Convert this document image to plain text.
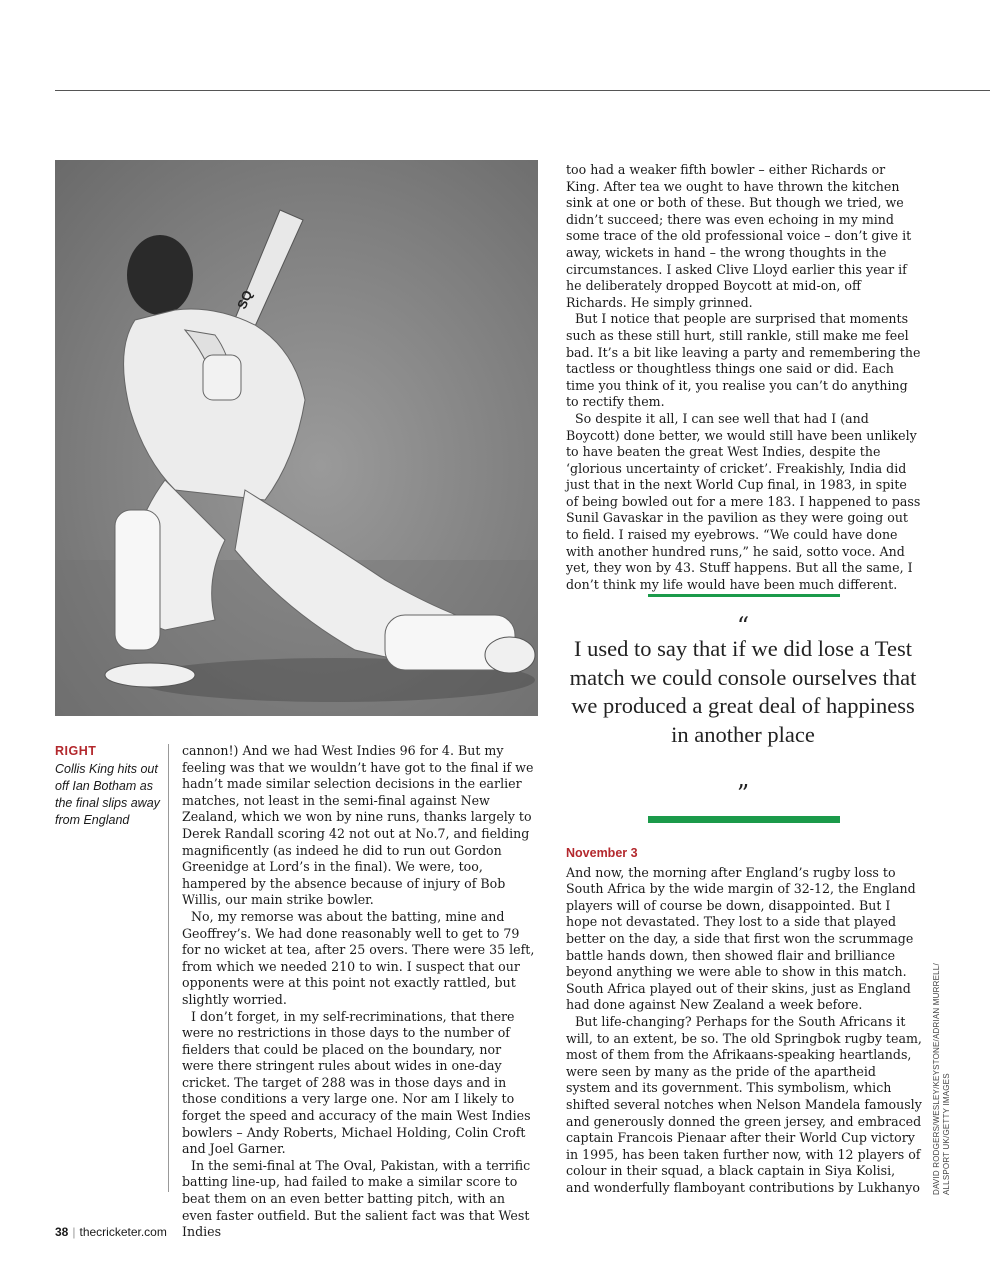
SQ
RIGHT
Collis King hits out off Ian Botham as the final slips away from England

cannon!) And we had West Indies 96 for 4. But my feeling was that we wouldn’t have got to the final if we hadn’t made similar selection decisions in the earlier matches, not least in the semi-final against New Zealand, which we won by nine runs, thanks largely to Derek Randall scoring 42 not out at No.7, and fielding magnificently (as indeed he did to run out Gordon Greenidge at Lord’s in the final). We were, too, hampered by the absence because of injury of Bob Willis, our main strike bowler.

No, my remorse was about the batting, mine and Geoffrey’s. We had done reasonably well to get to 79 for no wicket at tea, after 25 overs. There were 35 left, from which we needed 210 to win. I suspect that our opponents were at this point not exactly rattled, but slightly worried.

I don’t forget, in my self-recriminations, that there were no restrictions in those days to the number of fielders that could be placed on the boundary, nor were there stringent rules about wides in one-day cricket. The target of 288 was in those days and in those conditions a very large one. Nor am I likely to forget the speed and accuracy of the main West Indies bowlers – Andy Roberts, Michael Holding, Colin Croft and Joel Garner.

In the semi-final at The Oval, Pakistan, with a terrific batting line-up, had failed to make a similar score to beat them on an even better batting pitch, with an even faster outfield. But the salient fact was that West Indies

too had a weaker fifth bowler – either Richards or King. After tea we ought to have thrown the kitchen sink at one or both of these. But though we tried, we didn’t succeed; there was even echoing in my mind some trace of the old professional voice – don’t give it away, wickets in hand – the wrong thoughts in the circumstances. I asked Clive Lloyd earlier this year if he deliberately dropped Boycott at mid-on, off Richards. He simply grinned.

But I notice that people are surprised that moments such as these still hurt, still rankle, still make me feel bad. It’s a bit like leaving a party and remembering the tactless or thoughtless things one said or did. Each time you think of it, you realise you can’t do anything to rectify them.

So despite it all, I can see well that had I (and Boycott) done better, we would still have been unlikely to have beaten the great West Indies, despite the ‘glorious uncertainty of cricket’. Freakishly, India did just that in the next World Cup final, in 1983, in spite of being bowled out for a mere 183. I happened to pass Sunil Gavaskar in the pavilion as they were going out to field. I raised my eyebrows. “We could have done with another hundred runs,” he said, sotto voce. And yet, they won by 43. Stuff happens. But all the same, I don’t think my life would have been much different.

“
I used to say that if we did lose a Test match we could console ourselves that we produced a great deal of happiness in another place
”
November 3

And now, the morning after England’s rugby loss to South Africa by the wide margin of 32-12, the England players will of course be down, disappointed. But I hope not devastated. They lost to a side that played better on the day, a side that first won the scrummage battle hands down, then showed flair and brilliance beyond anything we were able to show in this match. South Africa played out of their skins, just as England had done against New Zealand a week before.

But life-changing? Perhaps for the South Africans it will, to an extent, be so. The old Springbok rugby team, most of them from the Afrikaans-speaking heartlands, were seen by many as the pride of the apartheid system and its government. This symbolism, which shifted several notches when Nelson Mandela famously and generously donned the green jersey, and embraced captain Francois Pienaar after their World Cup victory in 1995, has been taken further now, with 12 players of colour in their squad, a black captain in Siya Kolisi, and wonderfully flamboyant contributions by Lukhanyo DAVID RODGERS/WESLEY/KEYSTONE/ADRIAN MURRELL/ ALLSPORT UK/GETTY IMAGES
38 | thecricketer.com
